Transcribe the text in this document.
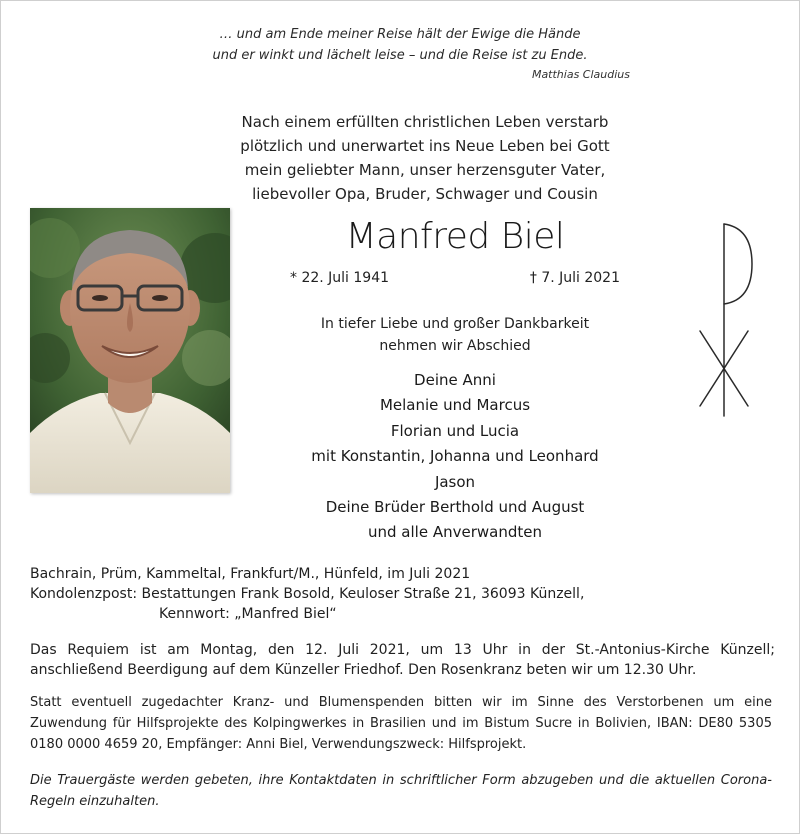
… und am Ende meiner Reise hält der Ewige die Hände
und er winkt und lächelt leise – und die Reise ist zu Ende.
Matthias Claudius
Nach einem erfüllten christlichen Leben verstarb
plötzlich und unerwartet ins Neue Leben bei Gott
mein geliebter Mann, unser herzensguter Vater,
liebevoller Opa, Bruder, Schwager und Cousin
Manfred Biel
* 22. Juli 1941	† 7. Juli 2021
In tiefer Liebe und großer Dankbarkeit
nehmen wir Abschied
Deine Anni
Melanie und Marcus
Florian und Lucia
mit Konstantin, Johanna und Leonhard
Jason
Deine Brüder Berthold und August
und alle Anverwandten
Bachrain, Prüm, Kammeltal, Frankfurt/M., Hünfeld, im Juli 2021
Kondolenzpost: Bestattungen Frank Bosold, Keuloser Straße 21, 36093 Künzell,
Kennwort: „Manfred Biel“
Das Requiem ist am Montag, den 12. Juli 2021, um 13 Uhr in der St.-Antonius-Kirche Künzell; anschließend Beerdigung auf dem Künzeller Friedhof. Den Rosenkranz beten wir um 12.30 Uhr.
Statt eventuell zugedachter Kranz- und Blumenspenden bitten wir im Sinne des Verstorbenen um eine Zuwendung für Hilfsprojekte des Kolpingwerkes in Brasilien und im Bistum Sucre in Bolivien, IBAN: DE80 5305 0180 0000 4659 20, Empfänger: Anni Biel, Verwendungszweck: Hilfsprojekt.
Die Trauergäste werden gebeten, ihre Kontaktdaten in schriftlicher Form abzugeben und die aktuellen Corona-Regeln einzuhalten.
